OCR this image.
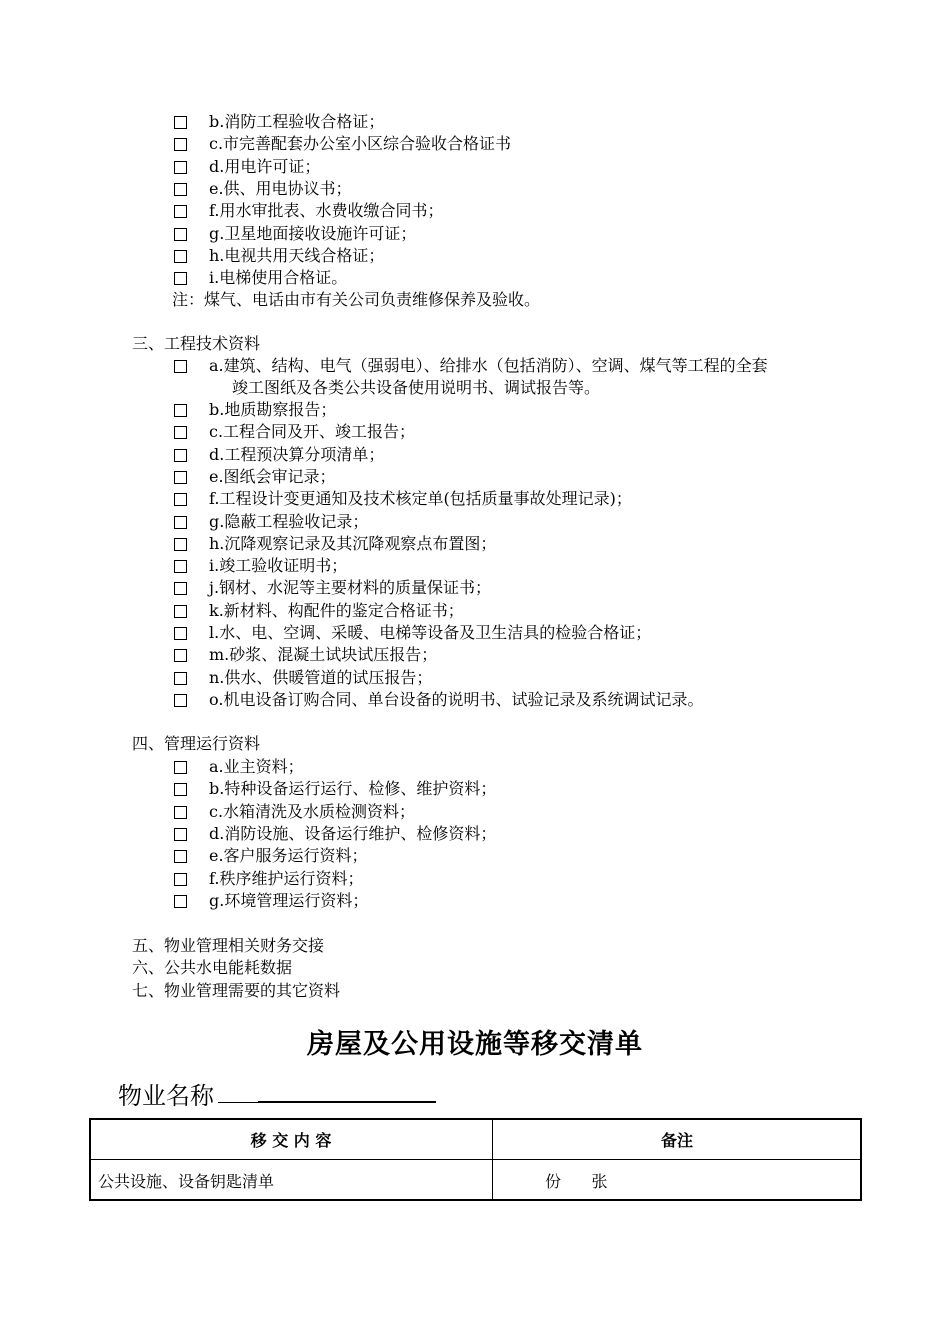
b.消防工程验收合格证；
c.市完善配套办公室小区综合验收合格证书
d.用电许可证；
e.供、用电协议书；
f.用水审批表、水费收缴合同书；
g.卫星地面接收设施许可证；
h.电视共用天线合格证；
i.电梯使用合格证。
注：煤气、电话由市有关公司负责维修保养及验收。
三、工程技术资料
a.建筑、结构、电气（强弱电）、给排水（包括消防）、空调、煤气等工程的全套
竣工图纸及各类公共设备使用说明书、调试报告等。
b.地质勘察报告；
c.工程合同及开、竣工报告；
d.工程预决算分项清单；
e.图纸会审记录；
f.工程设计变更通知及技术核定单(包括质量事故处理记录)；
g.隐蔽工程验收记录；
h.沉降观察记录及其沉降观察点布置图；
i.竣工验收证明书；
j.钢材、水泥等主要材料的质量保证书；
k.新材料、构配件的鉴定合格证书；
l.水、电、空调、采暖、电梯等设备及卫生洁具的检验合格证；
m.砂浆、混凝土试块试压报告；
n.供水、供暖管道的试压报告；
o.机电设备订购合同、单台设备的说明书、试验记录及系统调试记录。
四、管理运行资料
a.业主资料；
b.特种设备运行运行、检修、维护资料；
c.水箱清洗及水质检测资料；
d.消防设施、设备运行维护、检修资料；
e.客户服务运行资料；
f.秩序维护运行资料；
g.环境管理运行资料；
五、物业管理相关财务交接
六、公共水电能耗数据
七、物业管理需要的其它资料
房屋及公用设施等移交清单
物业名称
移 交 内 容	备注
公共设施、设备钥匙清单	份      张
